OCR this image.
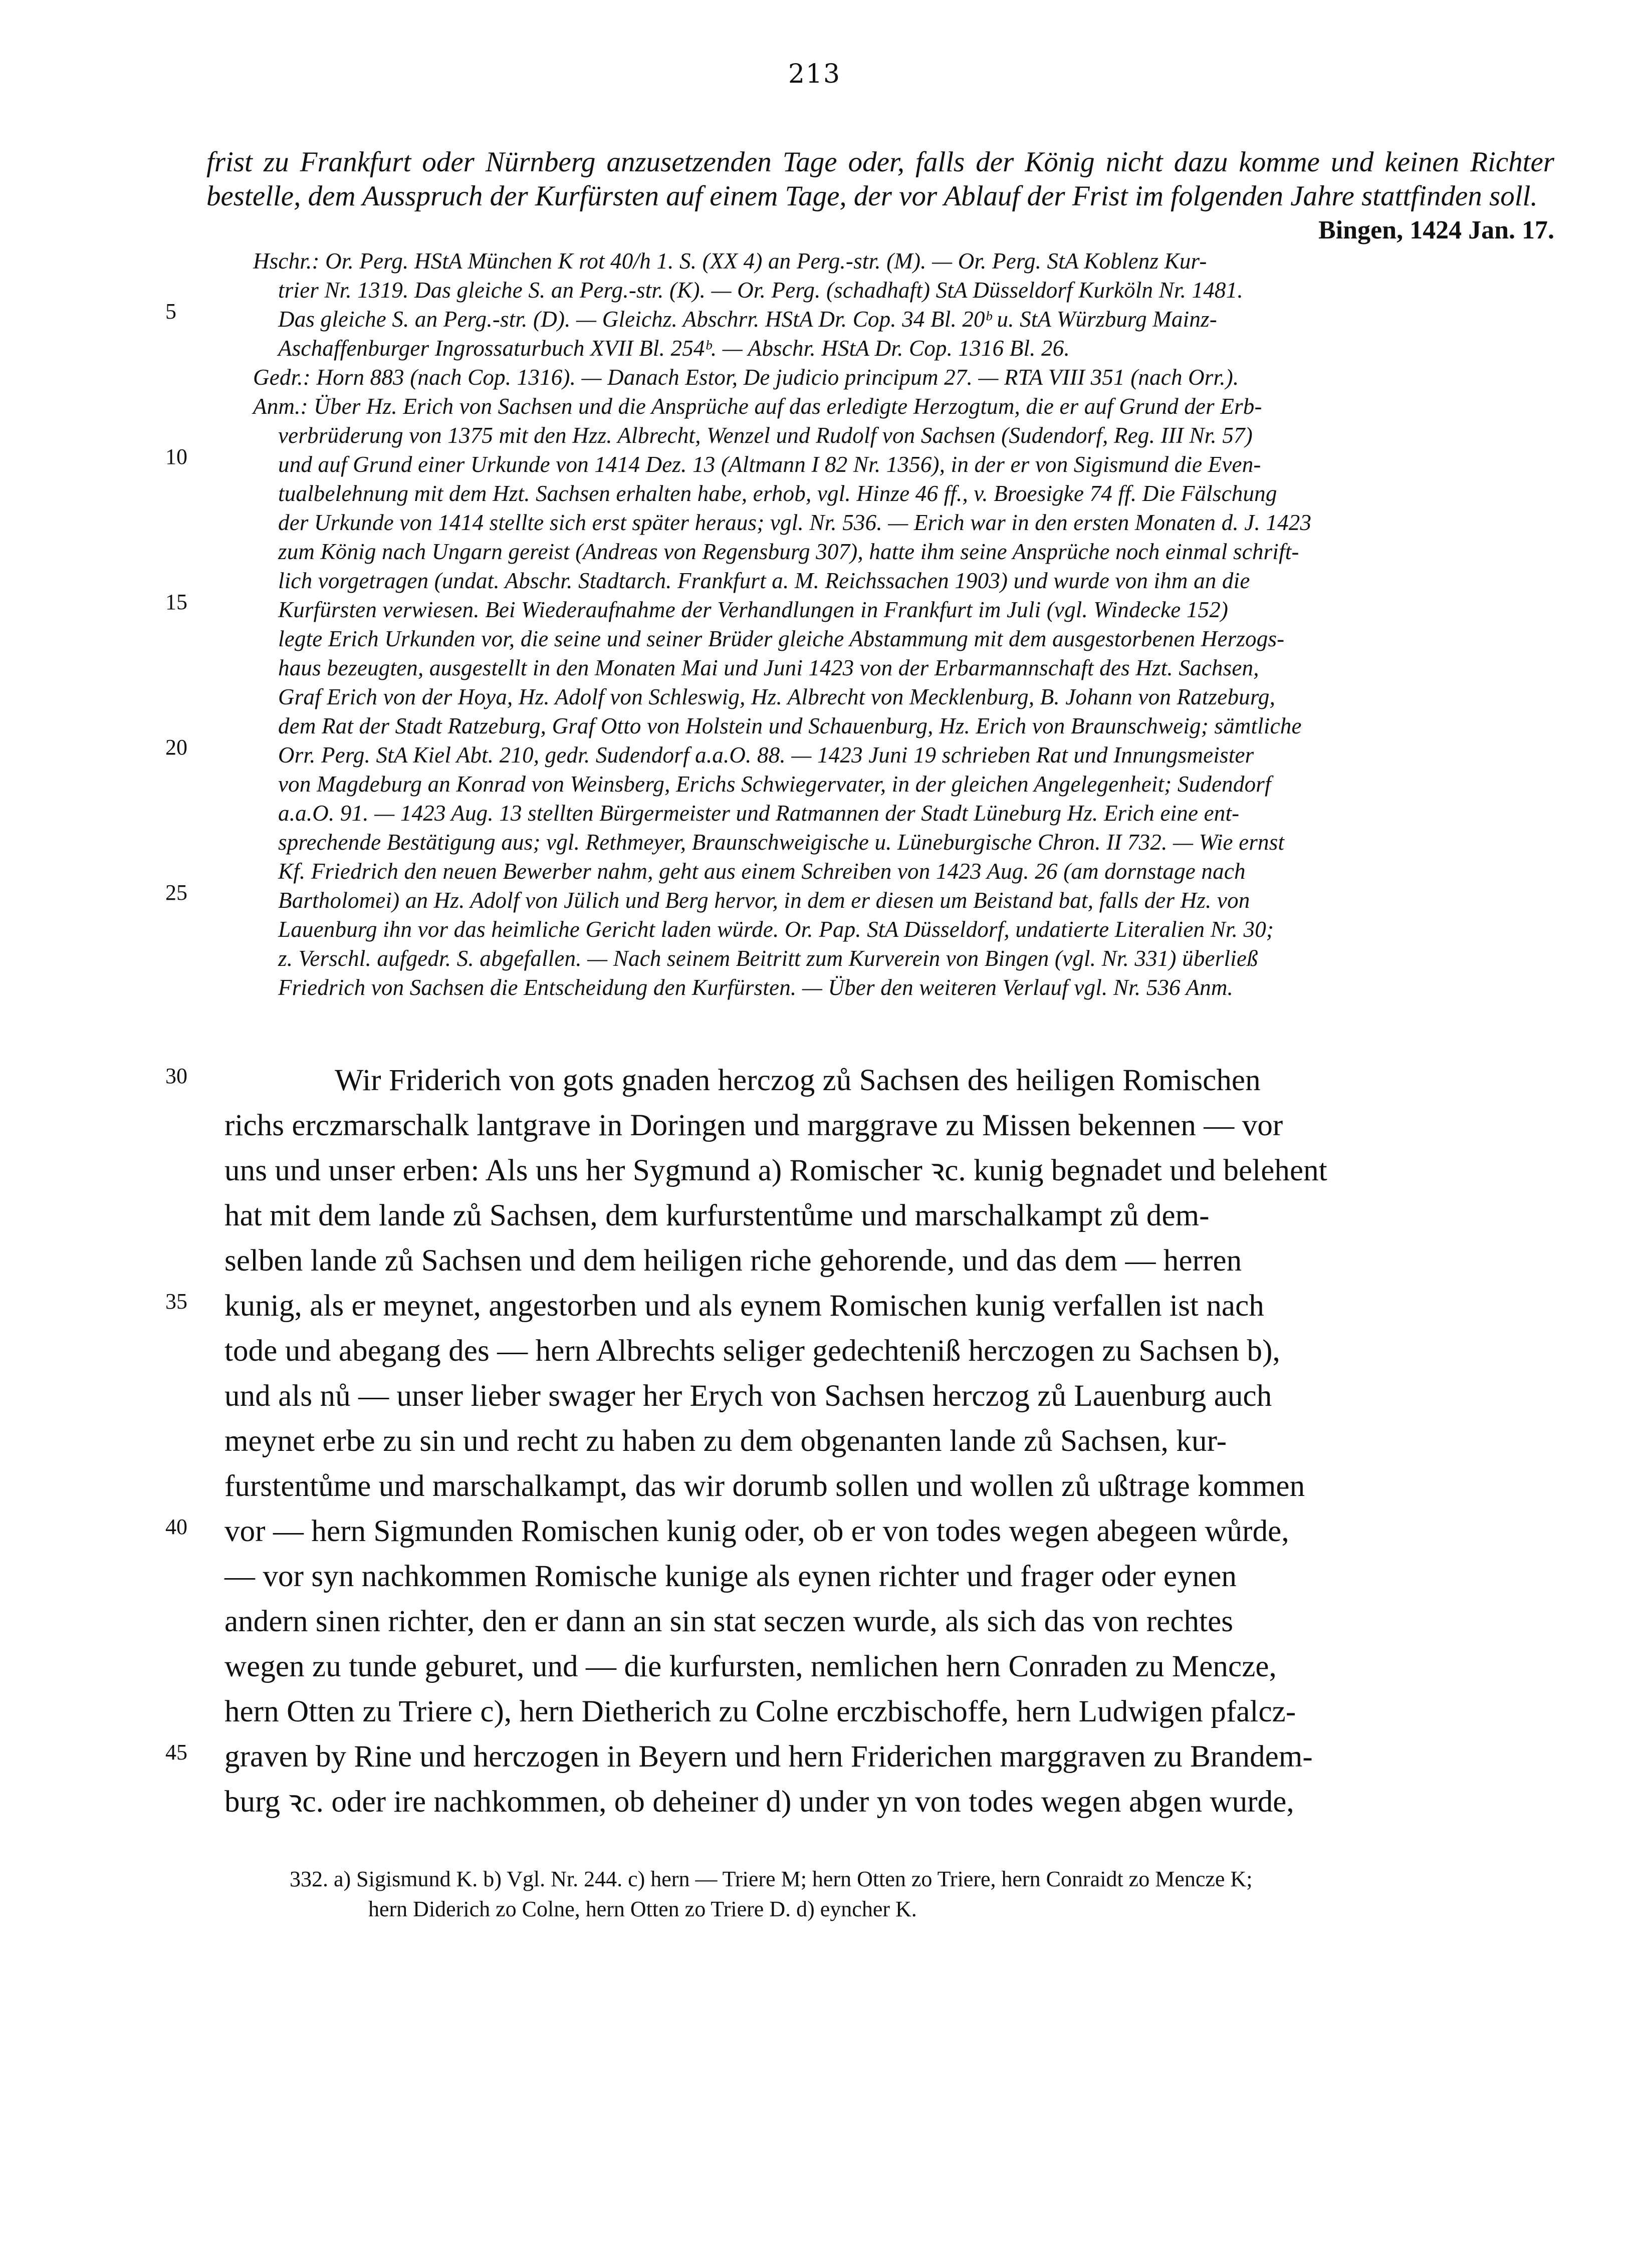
213
frist zu Frankfurt oder Nürnberg anzusetzenden Tage oder, falls der König nicht dazu komme und keinen Richter bestelle, dem Ausspruch der Kurfürsten auf einem Tage, der vor Ablauf der Frist im folgenden Jahre stattfinden soll.
Bingen, 1424 Jan. 17.
Hschr.: Or. Perg. HStA München K rot 40/h 1. S. (XX 4) an Perg.-str. (M). — Or. Perg. StA Koblenz Kur-
trier Nr. 1319. Das gleiche S. an Perg.-str. (K). — Or. Perg. (schadhaft) StA Düsseldorf Kurköln Nr. 1481.
Das gleiche S. an Perg.-str. (D). — Gleichz. Abschrr. HStA Dr. Cop. 34 Bl. 20ᵇ u. StA Würzburg Mainz-
Aschaffenburger Ingrossaturbuch XVII Bl. 254ᵇ. — Abschr. HStA Dr. Cop. 1316 Bl. 26.
Gedr.: Horn 883 (nach Cop. 1316). — Danach Estor, De judicio principum 27. — RTA VIII 351 (nach Orr.).
Anm.: Über Hz. Erich von Sachsen und die Ansprüche auf das erledigte Herzogtum, die er auf Grund der Erb-
verbrüderung von 1375 mit den Hzz. Albrecht, Wenzel und Rudolf von Sachsen (Sudendorf, Reg. III Nr. 57)
und auf Grund einer Urkunde von 1414 Dez. 13 (Altmann I 82 Nr. 1356), in der er von Sigismund die Even-
tualbelehnung mit dem Hzt. Sachsen erhalten habe, erhob, vgl. Hinze 46 ff., v. Broesigke 74 ff. Die Fälschung
der Urkunde von 1414 stellte sich erst später heraus; vgl. Nr. 536. — Erich war in den ersten Monaten d. J. 1423
zum König nach Ungarn gereist (Andreas von Regensburg 307), hatte ihm seine Ansprüche noch einmal schrift-
lich vorgetragen (undat. Abschr. Stadtarch. Frankfurt a. M. Reichssachen 1903) und wurde von ihm an die
Kurfürsten verwiesen. Bei Wiederaufnahme der Verhandlungen in Frankfurt im Juli (vgl. Windecke 152)
legte Erich Urkunden vor, die seine und seiner Brüder gleiche Abstammung mit dem ausgestorbenen Herzogs-
haus bezeugten, ausgestellt in den Monaten Mai und Juni 1423 von der Erbarmannschaft des Hzt. Sachsen,
Graf Erich von der Hoya, Hz. Adolf von Schleswig, Hz. Albrecht von Mecklenburg, B. Johann von Ratzeburg,
dem Rat der Stadt Ratzeburg, Graf Otto von Holstein und Schauenburg, Hz. Erich von Braunschweig; sämtliche
Orr. Perg. StA Kiel Abt. 210, gedr. Sudendorf a.a.O. 88. — 1423 Juni 19 schrieben Rat und Innungsmeister
von Magdeburg an Konrad von Weinsberg, Erichs Schwiegervater, in der gleichen Angelegenheit; Sudendorf
a.a.O. 91. — 1423 Aug. 13 stellten Bürgermeister und Ratmannen der Stadt Lüneburg Hz. Erich eine ent-
sprechende Bestätigung aus; vgl. Rethmeyer, Braunschweigische u. Lüneburgische Chron. II 732. — Wie ernst
Kf. Friedrich den neuen Bewerber nahm, geht aus einem Schreiben von 1423 Aug. 26 (am dornstage nach
Bartholomei) an Hz. Adolf von Jülich und Berg hervor, in dem er diesen um Beistand bat, falls der Hz. von
Lauenburg ihn vor das heimliche Gericht laden würde. Or. Pap. StA Düsseldorf, undatierte Literalien Nr. 30;
z. Verschl. aufgedr. S. abgefallen. — Nach seinem Beitritt zum Kurverein von Bingen (vgl. Nr. 331) überließ
Friedrich von Sachsen die Entscheidung den Kurfürsten. — Über den weiteren Verlauf vgl. Nr. 536 Anm.
Wir Friderich von gots gnaden herczog zů Sachsen des heiligen Romischen
richs erczmarschalk lantgrave in Doringen und marggrave zu Missen bekennen — vor
uns und unser erben: Als uns her Sygmund a) Romischer ꝛc. kunig begnadet und belehent
hat mit dem lande zů Sachsen, dem kurfurstentůme und marschalkampt zů dem-
selben lande zů Sachsen und dem heiligen riche gehorende, und das dem — herren
kunig, als er meynet, angestorben und als eynem Romischen kunig verfallen ist nach
tode und abegang des — hern Albrechts seliger gedechteniß herczogen zu Sachsen b),
und als nů — unser lieber swager her Erych von Sachsen herczog zů Lauenburg auch
meynet erbe zu sin und recht zu haben zu dem obgenanten lande zů Sachsen, kur-
furstentůme und marschalkampt, das wir dorumb sollen und wollen zů ußtrage kommen
vor — hern Sigmunden Romischen kunig oder, ob er von todes wegen abegeen wůrde,
— vor syn nachkommen Romische kunige als eynen richter und frager oder eynen
andern sinen richter, den er dann an sin stat seczen wurde, als sich das von rechtes
wegen zu tunde geburet, und — die kurfursten, nemlichen hern Conraden zu Mencze,
hern Otten zu Triere c), hern Dietherich zu Colne erczbischoffe, hern Ludwigen pfalcz-
graven by Rine und herczogen in Beyern und hern Friderichen marggraven zu Brandem-
burg ꝛc. oder ire nachkommen, ob deheiner d) under yn von todes wegen abgen wurde,
5
10
15
20
25
30
35
40
45
332. a) Sigismund K. b) Vgl. Nr. 244. c) hern — Triere M; hern Otten zo Triere, hern Conraidt zo Mencze K;
hern Diderich zo Colne, hern Otten zo Triere D. d) eyncher K.
